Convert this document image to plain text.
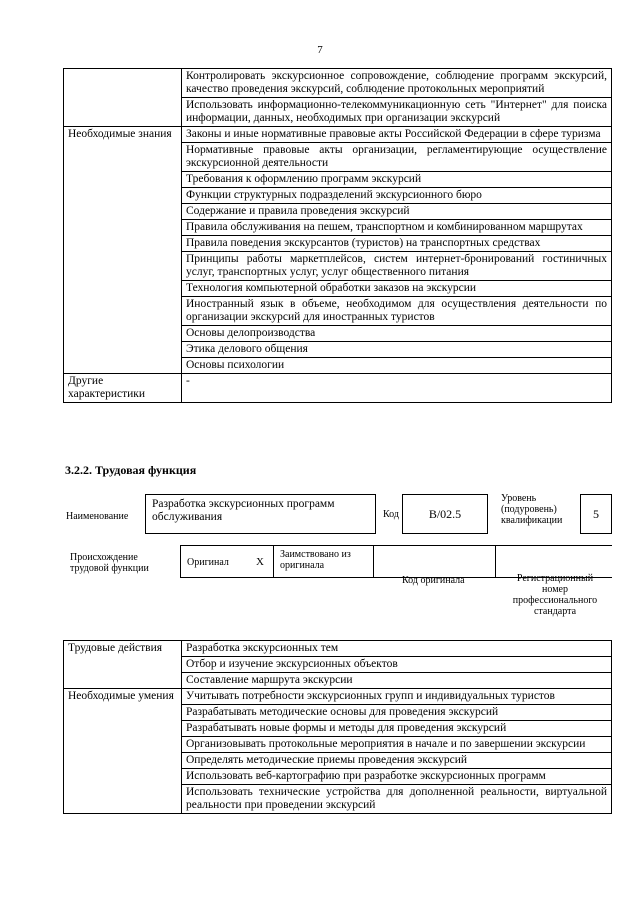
7
	Контролировать экскурсионное сопровождение, соблюдение программ экскурсий, качество проведения экскурсий, соблюдение протокольных мероприятий
	Использовать информационно-телекоммуникационную сеть "Интернет" для поиска информации, данных, необходимых при организации экскурсий
Необходимые знания	Законы и иные нормативные правовые акты Российской Федерации в сфере туризма
	Нормативные правовые акты организации, регламентирующие осуществление экскурсионной деятельности
	Требования к оформлению программ экскурсий
	Функции структурных подразделений экскурсионного бюро
	Содержание и правила проведения экскурсий
	Правила обслуживания на пешем, транспортном и комбинированном маршрутах
	Правила поведения экскурсантов (туристов) на транспортных средствах
	Принципы работы маркетплейсов, систем интернет-бронирований гостиничных услуг, транспортных услуг, услуг общественного питания
	Технология компьютерной обработки заказов на экскурсии
	Иностранный язык в объеме, необходимом для осуществления деятельности по организации экскурсий для иностранных туристов
	Основы делопроизводства
	Этика делового общения
	Основы психологии
Другие характеристики	-
3.2.2. Трудовая функция
Наименование
Разработка экскурсионных программ обслуживания	Код	B/02.5
Уровень (подуровень) квалификации	5
Происхождение трудовой функции
Оригинал X
Заимствовано из оригинала
Код оригинала	Регистрационный номер профессионального стандарта
Трудовые действия	Разработка экскурсионных тем
	Отбор и изучение экскурсионных объектов
	Составление маршрута экскурсии
Необходимые умения	Учитывать потребности экскурсионных групп и индивидуальных туристов
	Разрабатывать методические основы для проведения экскурсий
	Разрабатывать новые формы и методы для проведения экскурсий
	Организовывать протокольные мероприятия в начале и по завершении экскурсии
	Определять методические приемы проведения экскурсий
	Использовать веб-картографию при разработке экскурсионных программ
	Использовать технические устройства для дополненной реальности, виртуальной реальности при проведении экскурсий
